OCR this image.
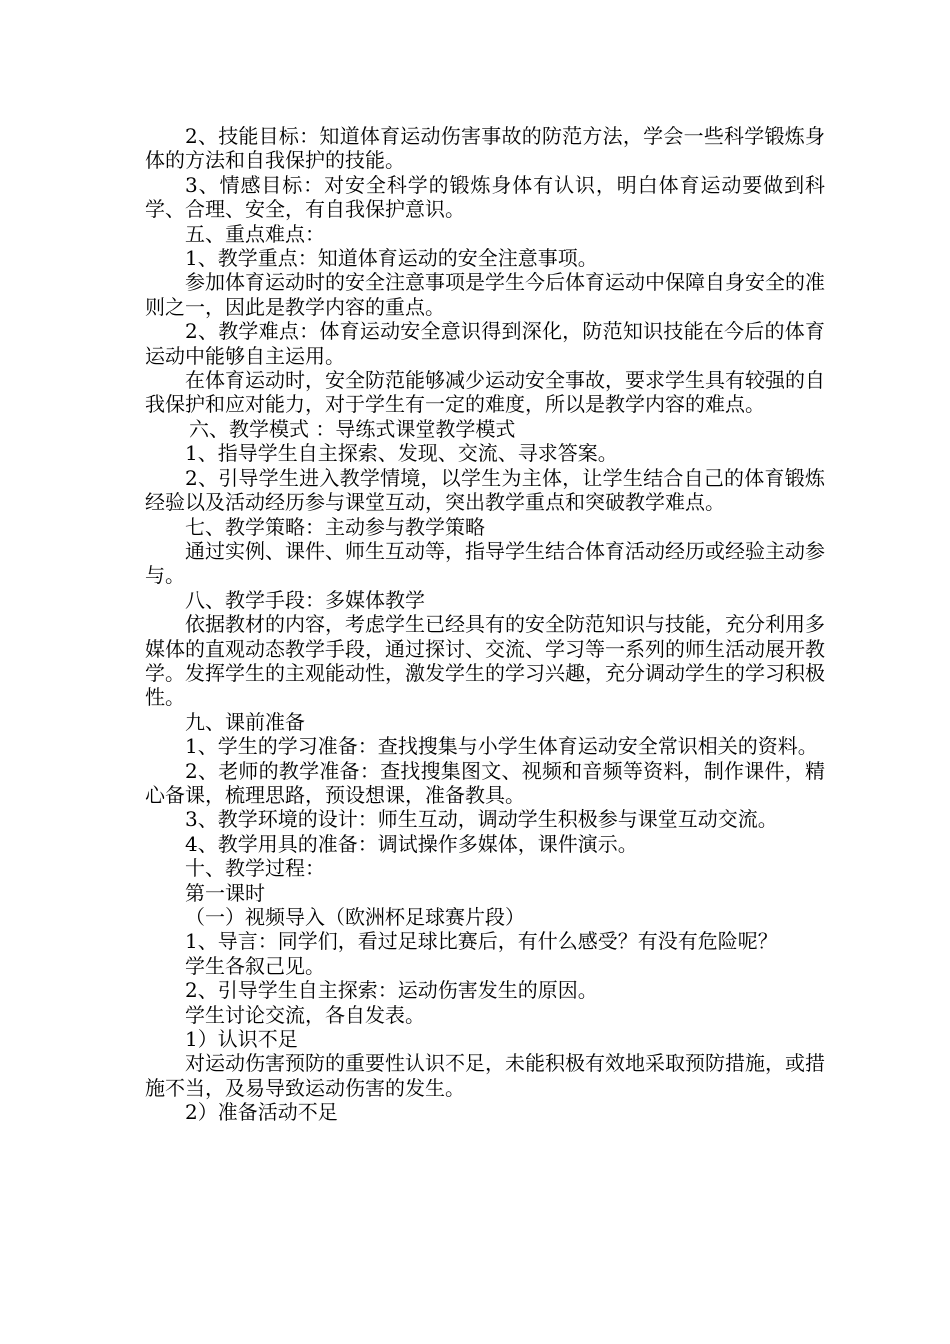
2、技能目标：知道体育运动伤害事故的防范方法，学会一些科学锻炼身体的方法和自我保护的技能。

3、情感目标：对安全科学的锻炼身体有认识，明白体育运动要做到科学、合理、安全，有自我保护意识。

五、重点难点：

1、教学重点：知道体育运动的安全注意事项。

参加体育运动时的安全注意事项是学生今后体育运动中保障自身安全的准则之一，因此是教学内容的重点。

2、教学难点：体育运动安全意识得到深化，防范知识技能在今后的体育运动中能够自主运用。

在体育运动时，安全防范能够减少运动安全事故，要求学生具有较强的自我保护和应对能力，对于学生有一定的难度，所以是教学内容的难点。

六、教学模式 ：导练式课堂教学模式

1、指导学生自主探索、发现、交流、寻求答案。

2、引导学生进入教学情境，以学生为主体，让学生结合自己的体育锻炼经验以及活动经历参与课堂互动，突出教学重点和突破教学难点。

七、教学策略：主动参与教学策略

通过实例、课件、师生互动等，指导学生结合体育活动经历或经验主动参与。

八、教学手段：多媒体教学

依据教材的内容，考虑学生已经具有的安全防范知识与技能，充分利用多媒体的直观动态教学手段，通过探讨、交流、学习等一系列的师生活动展开教学。发挥学生的主观能动性，激发学生的学习兴趣，充分调动学生的学习积极性。

九、课前准备

1、学生的学习准备：查找搜集与小学生体育运动安全常识相关的资料。

2、老师的教学准备：查找搜集图文、视频和音频等资料，制作课件，精心备课，梳理思路，预设想课，准备教具。

3、教学环境的设计：师生互动，调动学生积极参与课堂互动交流。

4、教学用具的准备：调试操作多媒体，课件演示。

十、教学过程：

第一课时

（一）视频导入（欧洲杯足球赛片段）

1、导言：同学们，看过足球比赛后，有什么感受？有没有危险呢？

学生各叙己见。

2、引导学生自主探索：运动伤害发生的原因。

学生讨论交流，各自发表。

1）认识不足

对运动伤害预防的重要性认识不足，未能积极有效地采取预防措施，或措施不当，及易导致运动伤害的发生。

2）准备活动不足
